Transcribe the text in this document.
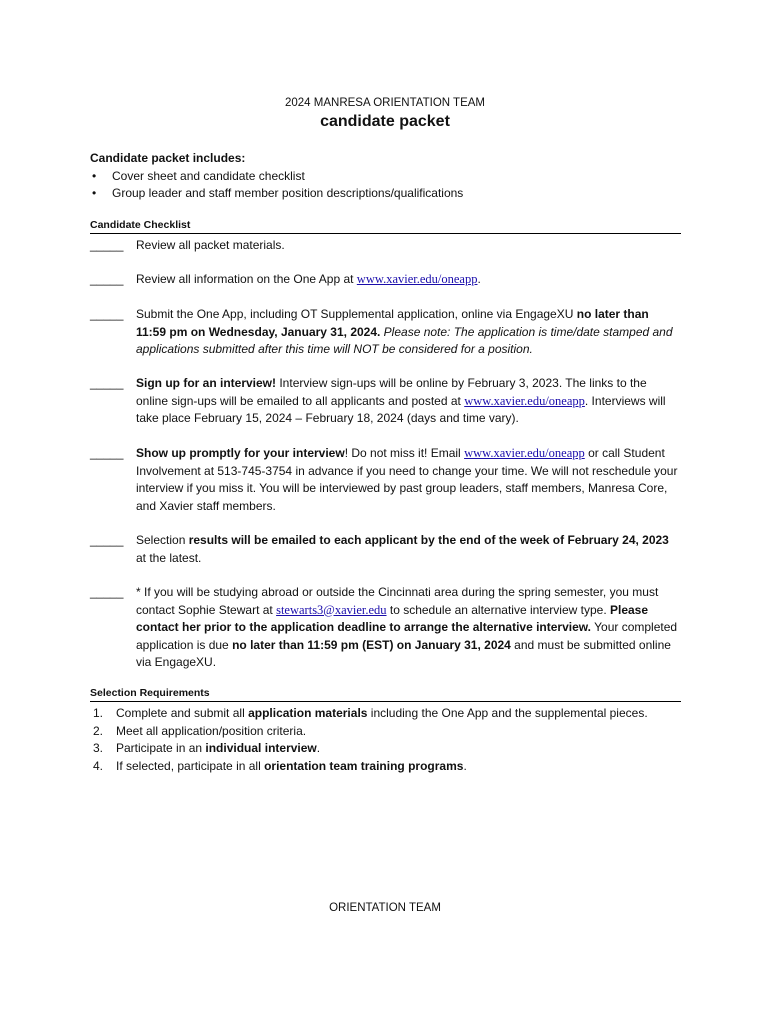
2024 MANRESA ORIENTATION TEAM
candidate packet
Candidate packet includes:
• Cover sheet and candidate checklist
• Group leader and staff member position descriptions/qualifications
Candidate Checklist
_____ Review all packet materials.
_____ Review all information on the One App at www.xavier.edu/oneapp.
_____ Submit the One App, including OT Supplemental application, online via EngageXU no later than 11:59 pm on Wednesday, January 31, 2024. Please note: The application is time/date stamped and applications submitted after this time will NOT be considered for a position.
_____ Sign up for an interview! Interview sign-ups will be online by February 3, 2023. The links to the online sign-ups will be emailed to all applicants and posted at www.xavier.edu/oneapp. Interviews will take place February 15, 2024 – February 18, 2024 (days and time vary).
_____ Show up promptly for your interview! Do not miss it! Email www.xavier.edu/oneapp or call Student Involvement at 513-745-3754 in advance if you need to change your time. We will not reschedule your interview if you miss it. You will be interviewed by past group leaders, staff members, Manresa Core, and Xavier staff members.
_____ Selection results will be emailed to each applicant by the end of the week of February 24, 2023 at the latest.
_____ * If you will be studying abroad or outside the Cincinnati area during the spring semester, you must contact Sophie Stewart at stewarts3@xavier.edu to schedule an alternative interview type. Please contact her prior to the application deadline to arrange the alternative interview. Your completed application is due no later than 11:59 pm (EST) on January 31, 2024 and must be submitted online via EngageXU.
Selection Requirements
1. Complete and submit all application materials including the One App and the supplemental pieces.
2. Meet all application/position criteria.
3. Participate in an individual interview.
4. If selected, participate in all orientation team training programs.
ORIENTATION TEAM
